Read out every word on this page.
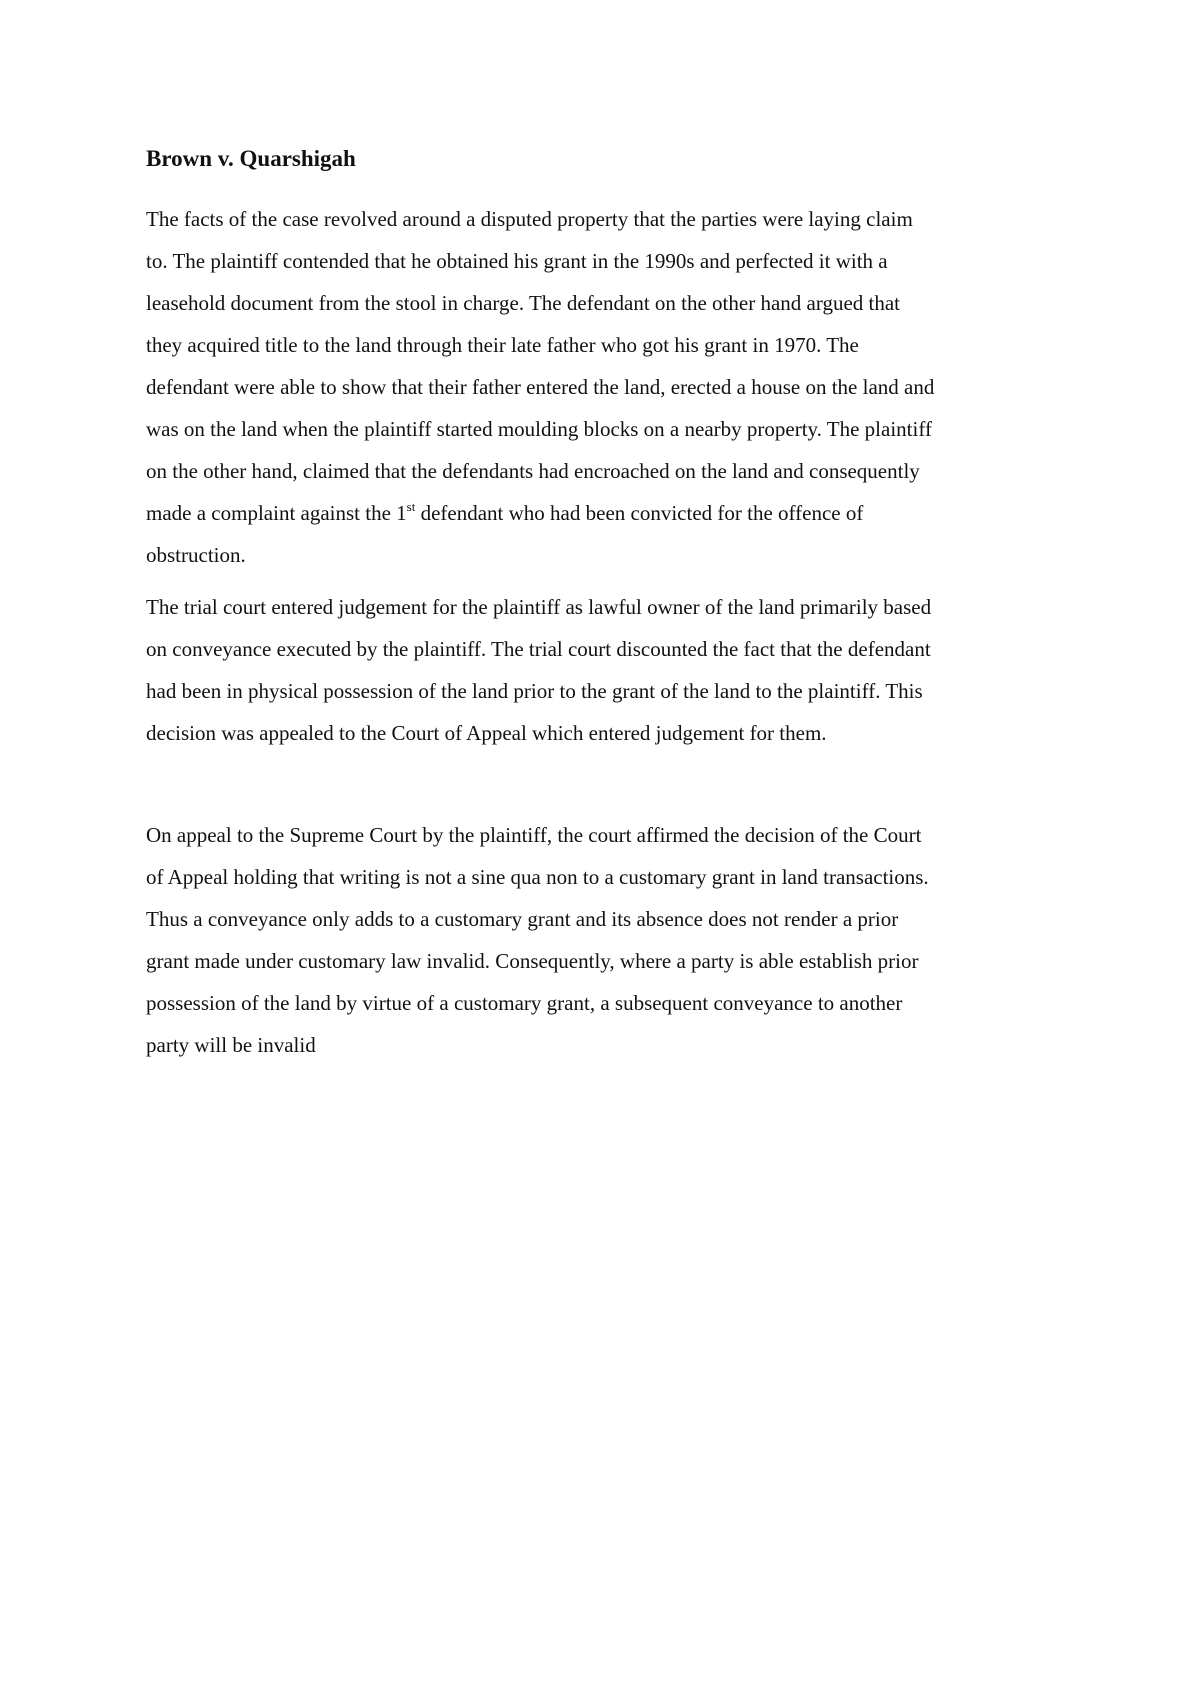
Brown v. Quarshigah
The facts of the case revolved around a disputed property that the parties were laying claim
to. The plaintiff contended that he obtained his grant in the 1990s and perfected it with a
leasehold document from the stool in charge. The defendant on the other hand argued that
they acquired title to the land through their late father who got his grant in 1970. The
defendant were able to show that their father entered the land, erected a house on the land and
was on the land when the plaintiff started moulding blocks on a nearby property. The plaintiff
on the other hand, claimed that the defendants had encroached on the land and consequently
made a complaint against the 1st defendant who had been convicted for the offence of
obstruction.
The trial court entered judgement for the plaintiff as lawful owner of the land primarily based
on conveyance executed by the plaintiff. The trial court discounted the fact that the defendant
had been in physical possession of the land prior to the grant of the land to the plaintiff. This
decision was appealed to the Court of Appeal which entered judgement for them.
On appeal to the Supreme Court by the plaintiff, the court affirmed the decision of the Court
of Appeal holding that writing is not a sine qua non to a customary grant in land transactions.
Thus a conveyance only adds to a customary grant and its absence does not render a prior
grant made under customary law invalid. Consequently, where a party is able establish prior
possession of the land by virtue of a customary grant, a subsequent conveyance to another
party will be invalid
